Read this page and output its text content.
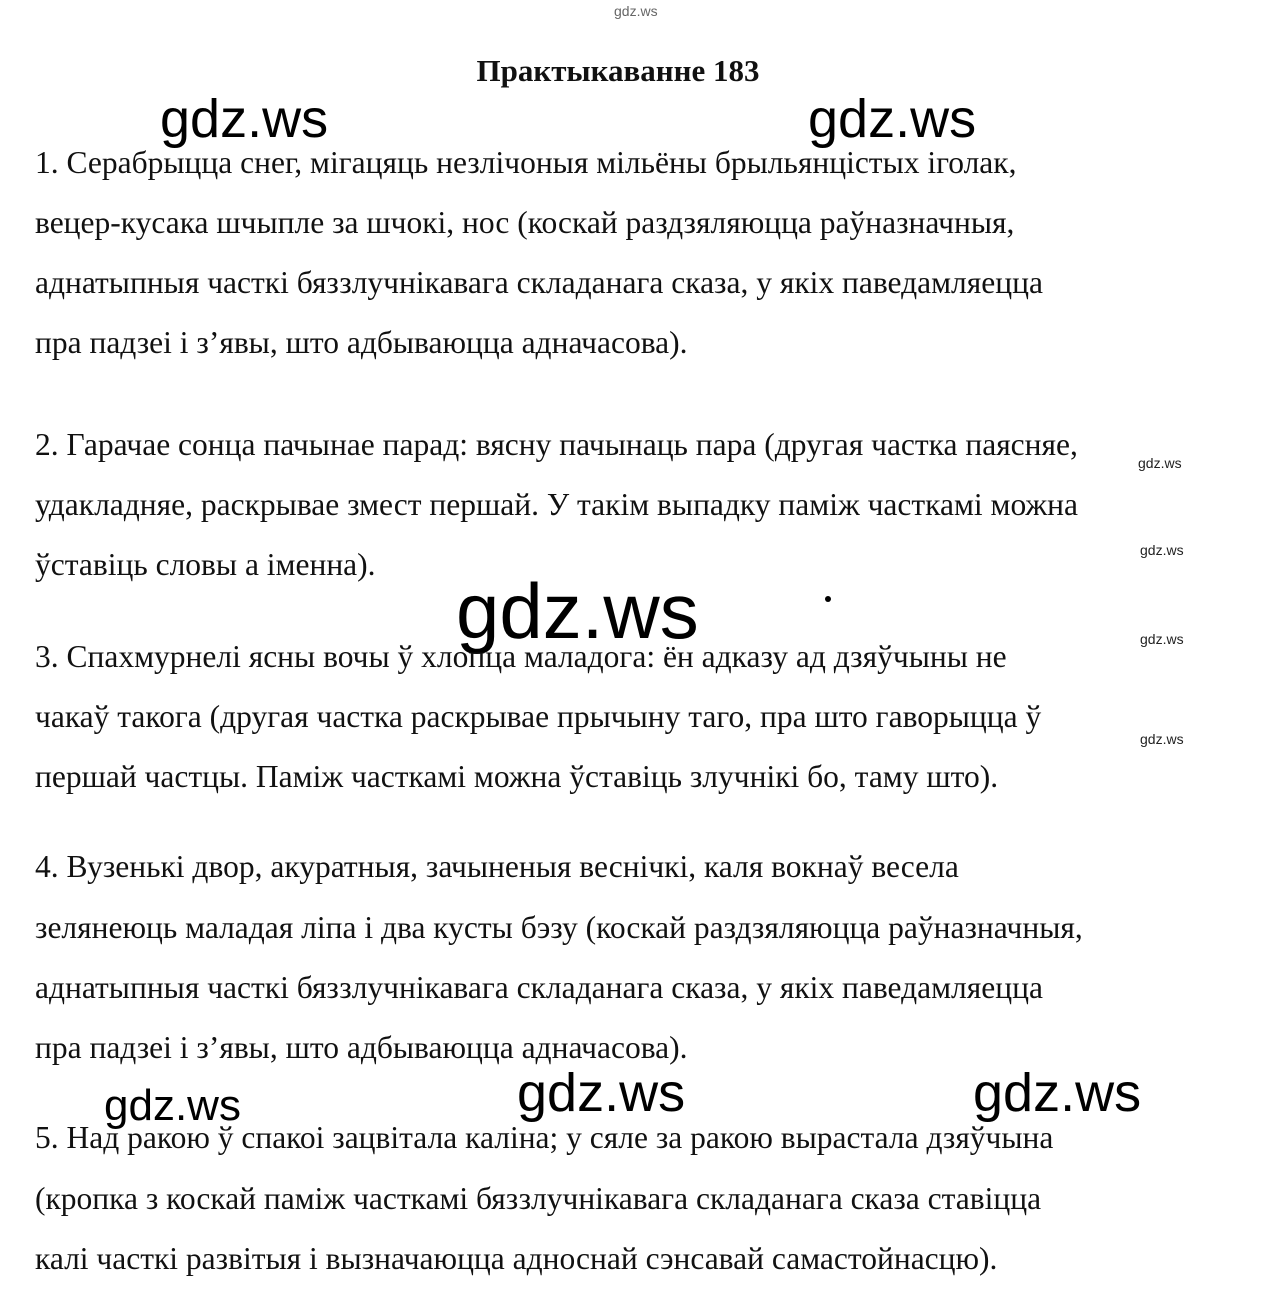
gdz.ws
gdz.ws	gdz.ws
gdz.ws
gdz.ws
gdz.ws	gdz.ws
gdz.ws
gdz.ws	gdz.ws	gdz.ws
Практыкаванне 183
1. Серабрыцца снег, мігацяць незлічоныя мільёны брыльянцістых іголак,
вецер-кусака шчыпле за шчокі, нос (коскай раздзяляюцца раўназначныя,
аднатыпныя часткі бяззлучнікавага складанага сказа, у якіх паведамляецца
пра падзеі і з’явы, што адбываюцца адначасова).
2. Гарачае сонца пачынае парад: вясну пачынаць пара (другая частка паясняе,
удакладняе, раскрывае змест першай. У такім выпадку паміж часткамі можна
ўставіць словы а іменна).
3. Спахмурнелі ясны вочы ў хлопца маладога: ён адказу ад дзяўчыны не
чакаў такога (другая частка раскрывае прычыну таго, пра што гаворыцца ў
першай частцы. Паміж часткамі можна ўставіць злучнікі бо, таму што).
4. Вузенькі двор, акуратныя, зачыненыя веснічкі, каля вокнаў весела
зелянеюць маладая ліпа і два кусты бэзу (коскай раздзяляюцца раўназначныя,
аднатыпныя часткі бяззлучнікавага складанага сказа, у якіх паведамляецца
пра падзеі і з’явы, што адбываюцца адначасова).
5. Над ракою ў спакоі зацвітала каліна; у сяле за ракою вырастала дзяўчына
(кропка з коскай паміж часткамі бяззлучнікавага складанага сказа ставіцца
калі часткі развітыя і вызначаюцца адноснай сэнсавай самастойнасцю).
